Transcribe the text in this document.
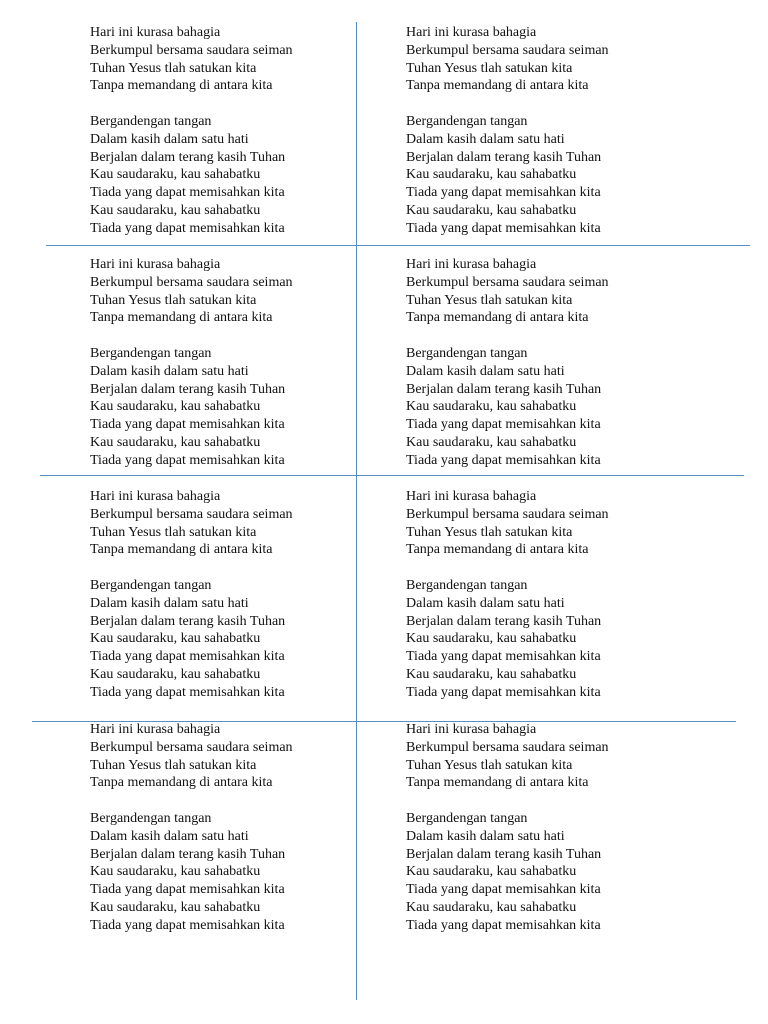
Hari ini kurasa bahagia
Berkumpul bersama saudara seiman
Tuhan Yesus tlah satukan kita
Tanpa memandang di antara kita
Bergandengan tangan
Dalam kasih dalam satu hati
Berjalan dalam terang kasih Tuhan
Kau saudaraku, kau sahabatku
Tiada yang dapat memisahkan kita
Kau saudaraku, kau sahabatku
Tiada yang dapat memisahkan kita
Hari ini kurasa bahagia
Berkumpul bersama saudara seiman
Tuhan Yesus tlah satukan kita
Tanpa memandang di antara kita
Bergandengan tangan
Dalam kasih dalam satu hati
Berjalan dalam terang kasih Tuhan
Kau saudaraku, kau sahabatku
Tiada yang dapat memisahkan kita
Kau saudaraku, kau sahabatku
Tiada yang dapat memisahkan kita
Hari ini kurasa bahagia
Berkumpul bersama saudara seiman
Tuhan Yesus tlah satukan kita
Tanpa memandang di antara kita
Bergandengan tangan
Dalam kasih dalam satu hati
Berjalan dalam terang kasih Tuhan
Kau saudaraku, kau sahabatku
Tiada yang dapat memisahkan kita
Kau saudaraku, kau sahabatku
Tiada yang dapat memisahkan kita
Hari ini kurasa bahagia
Berkumpul bersama saudara seiman
Tuhan Yesus tlah satukan kita
Tanpa memandang di antara kita
Bergandengan tangan
Dalam kasih dalam satu hati
Berjalan dalam terang kasih Tuhan
Kau saudaraku, kau sahabatku
Tiada yang dapat memisahkan kita
Kau saudaraku, kau sahabatku
Tiada yang dapat memisahkan kita
Hari ini kurasa bahagia
Berkumpul bersama saudara seiman
Tuhan Yesus tlah satukan kita
Tanpa memandang di antara kita
Bergandengan tangan
Dalam kasih dalam satu hati
Berjalan dalam terang kasih Tuhan
Kau saudaraku, kau sahabatku
Tiada yang dapat memisahkan kita
Kau saudaraku, kau sahabatku
Tiada yang dapat memisahkan kita
Hari ini kurasa bahagia
Berkumpul bersama saudara seiman
Tuhan Yesus tlah satukan kita
Tanpa memandang di antara kita
Bergandengan tangan
Dalam kasih dalam satu hati
Berjalan dalam terang kasih Tuhan
Kau saudaraku, kau sahabatku
Tiada yang dapat memisahkan kita
Kau saudaraku, kau sahabatku
Tiada yang dapat memisahkan kita
Hari ini kurasa bahagia
Berkumpul bersama saudara seiman
Tuhan Yesus tlah satukan kita
Tanpa memandang di antara kita
Bergandengan tangan
Dalam kasih dalam satu hati
Berjalan dalam terang kasih Tuhan
Kau saudaraku, kau sahabatku
Tiada yang dapat memisahkan kita
Kau saudaraku, kau sahabatku
Tiada yang dapat memisahkan kita
Hari ini kurasa bahagia
Berkumpul bersama saudara seiman
Tuhan Yesus tlah satukan kita
Tanpa memandang di antara kita
Bergandengan tangan
Dalam kasih dalam satu hati
Berjalan dalam terang kasih Tuhan
Kau saudaraku, kau sahabatku
Tiada yang dapat memisahkan kita
Kau saudaraku, kau sahabatku
Tiada yang dapat memisahkan kita
